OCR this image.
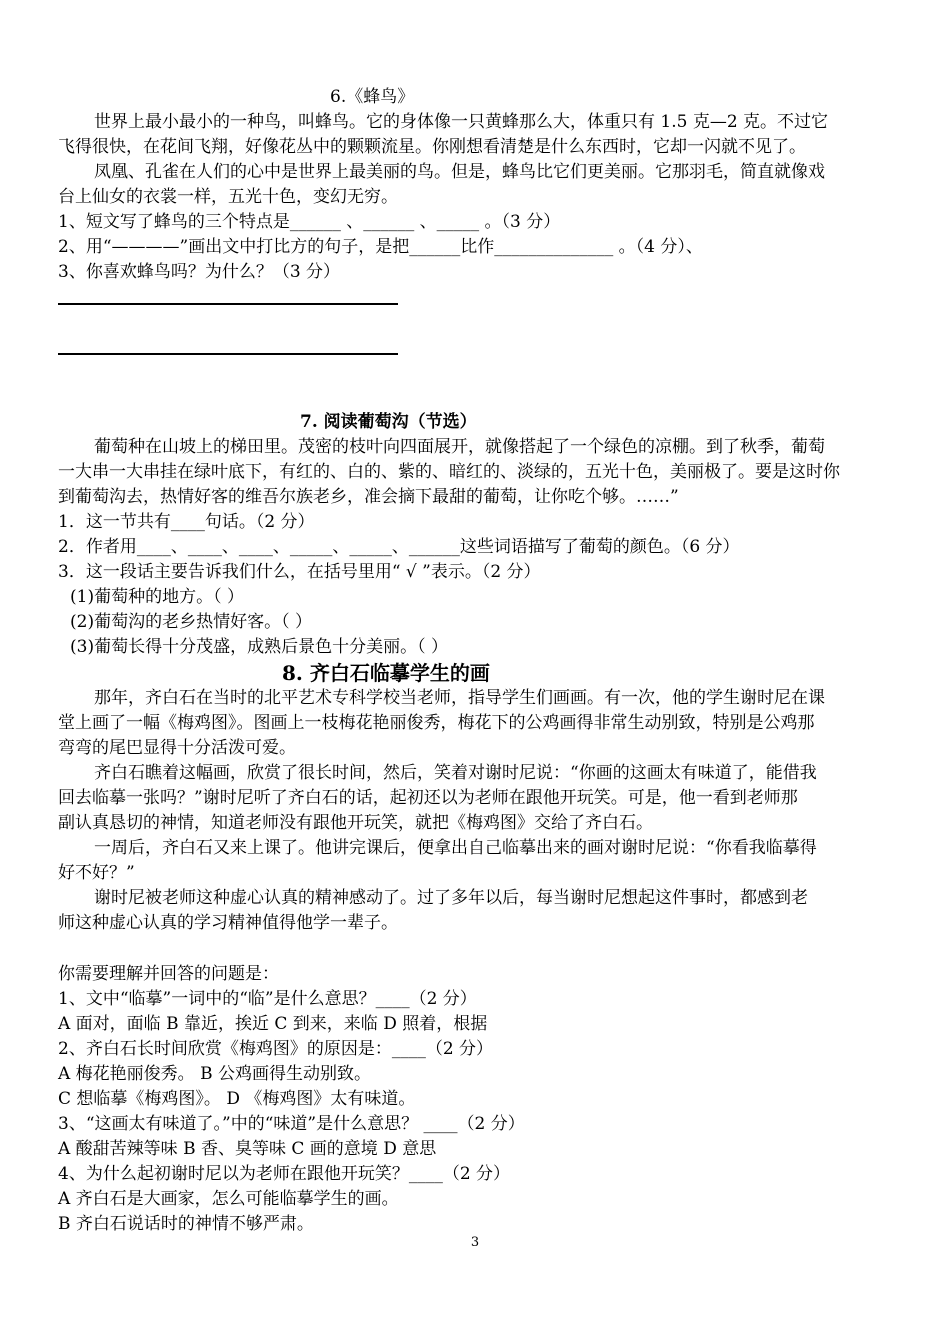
6.《蜂鸟》
世界上最小最小的一种鸟，叫蜂鸟。它的身体像一只黄蜂那么大，体重只有 1.5 克—2 克。不过它
飞得很快，在花间飞翔，好像花丛中的颗颗流星。你刚想看清楚是什么东西时，它却一闪就不见了。
凤凰、孔雀在人们的心中是世界上最美丽的鸟。但是，蜂鸟比它们更美丽。它那羽毛，简直就像戏
台上仙女的衣裳一样，五光十色，变幻无穷。
1、短文写了蜂鸟的三个特点是______ 、______ 、_____ 。（3 分）
2、用“————”画出文中打比方的句子，是把______比作______________ 。（4 分）、
3、你喜欢蜂鸟吗？为什么？（3 分）
7. 阅读葡萄沟（节选）
葡萄种在山坡上的梯田里。茂密的枝叶向四面展开，就像搭起了一个绿色的凉棚。到了秋季，葡萄
一大串一大串挂在绿叶底下，有红的、白的、紫的、暗红的、淡绿的，五光十色，美丽极了。要是这时你
到葡萄沟去，热情好客的维吾尔族老乡，准会摘下最甜的葡萄，让你吃个够。……”
1．这一节共有____句话。（2 分）
2．作者用____、____、____、_____、_____、______这些词语描写了葡萄的颜色。（6 分）
3．这一段话主要告诉我们什么，在括号里用“ √ ”表示。（2 分）
(1)葡萄种的地方。（ ）
(2)葡萄沟的老乡热情好客。（ ）
(3)葡萄长得十分茂盛，成熟后景色十分美丽。（ ）
8. 齐白石临摹学生的画
那年，齐白石在当时的北平艺术专科学校当老师，指导学生们画画。有一次，他的学生谢时尼在课
堂上画了一幅《梅鸡图》。图画上一枝梅花艳丽俊秀，梅花下的公鸡画得非常生动别致，特别是公鸡那
弯弯的尾巴显得十分活泼可爱。
齐白石瞧着这幅画，欣赏了很长时间，然后，笑着对谢时尼说：“你画的这画太有味道了，能借我
回去临摹一张吗？”谢时尼听了齐白石的话，起初还以为老师在跟他开玩笑。可是，他一看到老师那
副认真恳切的神情，知道老师没有跟他开玩笑，就把《梅鸡图》交给了齐白石。
一周后，齐白石又来上课了。他讲完课后，便拿出自己临摹出来的画对谢时尼说：“你看我临摹得
好不好？”
谢时尼被老师这种虚心认真的精神感动了。过了多年以后，每当谢时尼想起这件事时，都感到老
师这种虚心认真的学习精神值得他学一辈子。
你需要理解并回答的问题是：
1、文中“临摹”一词中的“临”是什么意思？____（2 分）
A 面对，面临 B 靠近，挨近 C 到来，来临 D 照着，根据
2、齐白石长时间欣赏《梅鸡图》的原因是：____（2 分）
A 梅花艳丽俊秀。 B 公鸡画得生动别致。
C 想临摹《梅鸡图》。 D 《梅鸡图》太有味道。
3、“这画太有味道了。”中的“味道”是什么意思？ ____（2 分）
A 酸甜苦辣等味 B 香、臭等味 C 画的意境 D 意思
4、为什么起初谢时尼以为老师在跟他开玩笑？____（2 分）
A 齐白石是大画家，怎么可能临摹学生的画。
B 齐白石说话时的神情不够严肃。
3
